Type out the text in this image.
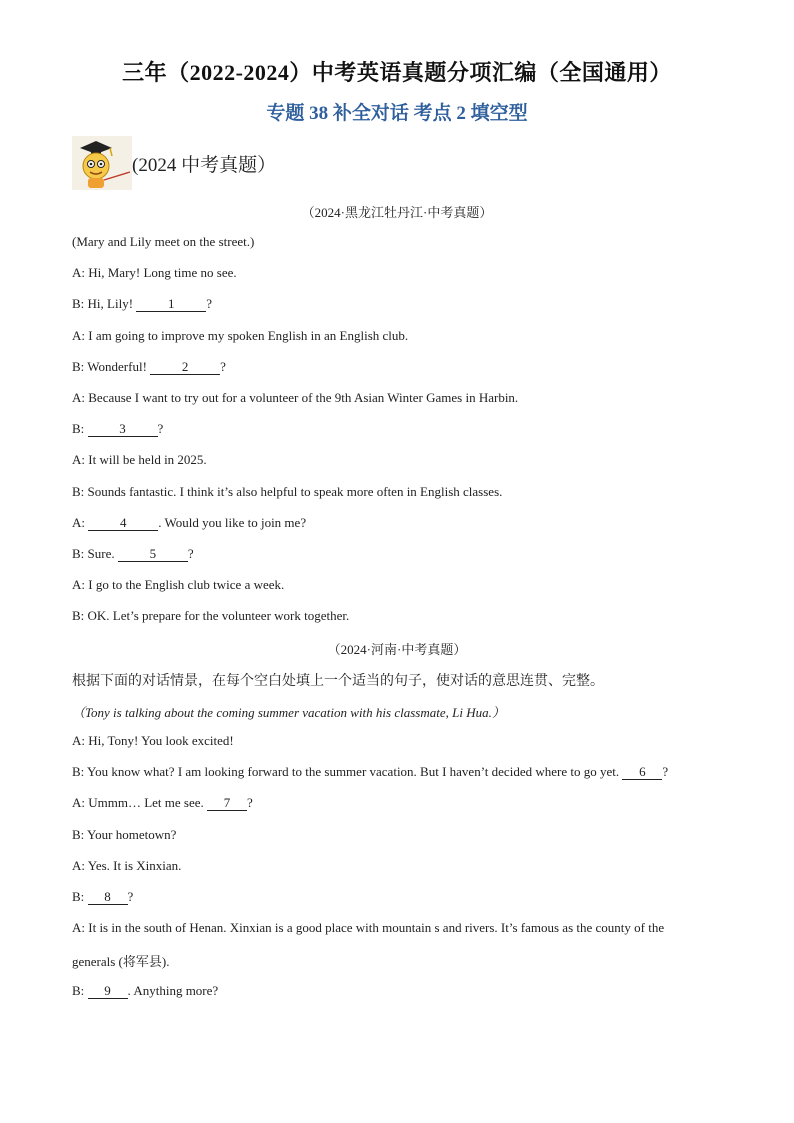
三年（2022-2024）中考英语真题分项汇编（全国通用）
专题 38 补全对话 考点 2 填空型
(2024 中考真题）
（2024·黑龙江牡丹江·中考真题）
(Mary and Lily meet on the street.)
A: Hi, Mary! Long time no see.
B: Hi, Lily! 1 ?
A: I am going to improve my spoken English in an English club.
B: Wonderful! 2 ?
A: Because I want to try out for a volunteer of the 9th Asian Winter Games in Harbin.
B: 3 ?
A: It will be held in 2025.
B: Sounds fantastic. I think it’s also helpful to speak more often in English classes.
A: 4 . Would you like to join me?
B: Sure. 5 ?
A: I go to the English club twice a week.
B: OK. Let’s prepare for the volunteer work together.
（2024·河南·中考真题）
根据下面的对话情景，在每个空白处填上一个适当的句子，使对话的意思连贯、完整。
（Tony is talking about the coming summer vacation with his classmate, Li Hua.）
A: Hi, Tony! You look excited!
B: You know what? I am looking forward to the summer vacation. But I haven’t decided where to go yet. 6 ?
A: Ummm… Let me see. 7 ?
B: Your hometown?
A: Yes. It is Xinxian.
B: 8 ?
A: It is in the south of Henan. Xinxian is a good place with mountain s and rivers. It’s famous as the county of the
generals (将军县).
B: 9 . Anything more?
